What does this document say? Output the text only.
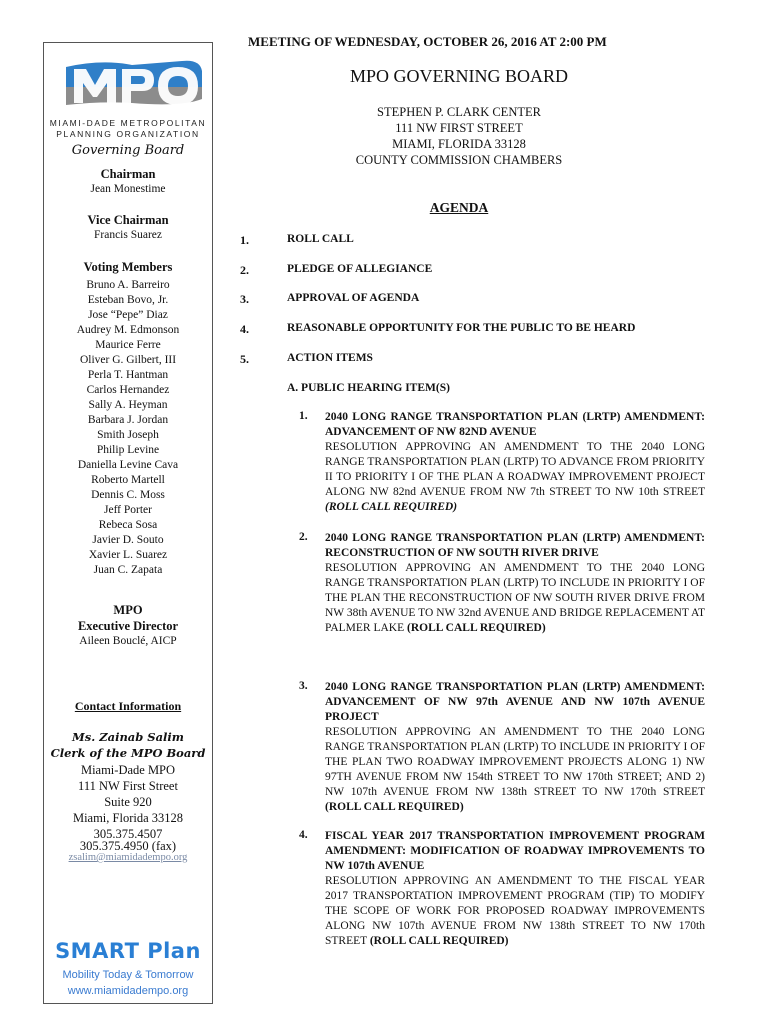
MIAMI-DADE METROPOLITAN
PLANNING ORGANIZATION
Governing Board
Chairman
Jean Monestime
Vice Chairman
Francis Suarez
Voting Members
Bruno A. Barreiro
Esteban Bovo, Jr.
Jose “Pepe” Diaz
Audrey M. Edmonson
Maurice Ferre
Oliver G. Gilbert, III
Perla T. Hantman
Carlos Hernandez
Sally A. Heyman
Barbara J. Jordan
Smith Joseph
Philip Levine
Daniella Levine Cava
Roberto Martell
Dennis C. Moss
Jeff Porter
Rebeca Sosa
Javier D. Souto
Xavier L. Suarez
Juan C. Zapata
MPO
Executive Director
Aileen Bouclé, AICP
Contact Information
Ms. Zainab Salim
Clerk of the MPO Board
Miami-Dade MPO
111 NW First Street
Suite 920
Miami, Florida 33128
305.375.4507
305.375.4950 (fax)
zsalim@miamidadempo.org
SMART Plan
Mobility Today & Tomorrow
www.miamidadempo.org
MEETING OF WEDNESDAY, OCTOBER 26, 2016 AT 2:00 PM
MPO GOVERNING BOARD
STEPHEN P. CLARK CENTER
111 NW FIRST STREET
MIAMI, FLORIDA 33128
COUNTY COMMISSION CHAMBERS
AGENDA
1.	ROLL CALL
2.	PLEDGE OF ALLEGIANCE
3.	APPROVAL OF AGENDA
4.	REASONABLE OPPORTUNITY FOR THE PUBLIC TO BE HEARD
5.	ACTION ITEMS
A. PUBLIC HEARING ITEM(S)
1. 2040 LONG RANGE TRANSPORTATION PLAN (LRTP) AMENDMENT: ADVANCEMENT OF NW 82ND AVENUE
RESOLUTION APPROVING AN AMENDMENT TO THE 2040 LONG RANGE TRANSPORTATION PLAN (LRTP) TO ADVANCE FROM PRIORITY II TO PRIORITY I OF THE PLAN A ROADWAY IMPROVEMENT PROJECT ALONG NW 82nd AVENUE FROM NW 7th STREET TO NW 10th STREET (ROLL CALL REQUIRED)
2. 2040 LONG RANGE TRANSPORTATION PLAN (LRTP) AMENDMENT: RECONSTRUCTION OF NW SOUTH RIVER DRIVE
RESOLUTION APPROVING AN AMENDMENT TO THE 2040 LONG RANGE TRANSPORTATION PLAN (LRTP) TO INCLUDE IN PRIORITY I OF THE PLAN THE RECONSTRUCTION OF NW SOUTH RIVER DRIVE FROM NW 38th AVENUE TO NW 32nd AVENUE AND BRIDGE REPLACEMENT AT PALMER LAKE (ROLL CALL REQUIRED)
3. 2040 LONG RANGE TRANSPORTATION PLAN (LRTP) AMENDMENT: ADVANCEMENT OF NW 97th AVENUE AND NW 107th AVENUE PROJECT
RESOLUTION APPROVING AN AMENDMENT TO THE 2040 LONG RANGE TRANSPORTATION PLAN (LRTP) TO INCLUDE IN PRIORITY I OF THE PLAN TWO ROADWAY IMPROVEMENT PROJECTS ALONG 1) NW 97TH AVENUE FROM NW 154th STREET TO NW 170th STREET; AND 2) NW 107th AVENUE FROM NW 138th STREET TO NW 170th STREET (ROLL CALL REQUIRED)
4. FISCAL YEAR 2017 TRANSPORTATION IMPROVEMENT PROGRAM AMENDMENT: MODIFICATION OF ROADWAY IMPROVEMENTS TO NW 107th AVENUE
RESOLUTION APPROVING AN AMENDMENT TO THE FISCAL YEAR 2017 TRANSPORTATION IMPROVEMENT PROGRAM (TIP) TO MODIFY THE SCOPE OF WORK FOR PROPOSED ROADWAY IMPROVEMENTS ALONG NW 107th AVENUE FROM NW 138th STREET TO NW 170th STREET (ROLL CALL REQUIRED)
